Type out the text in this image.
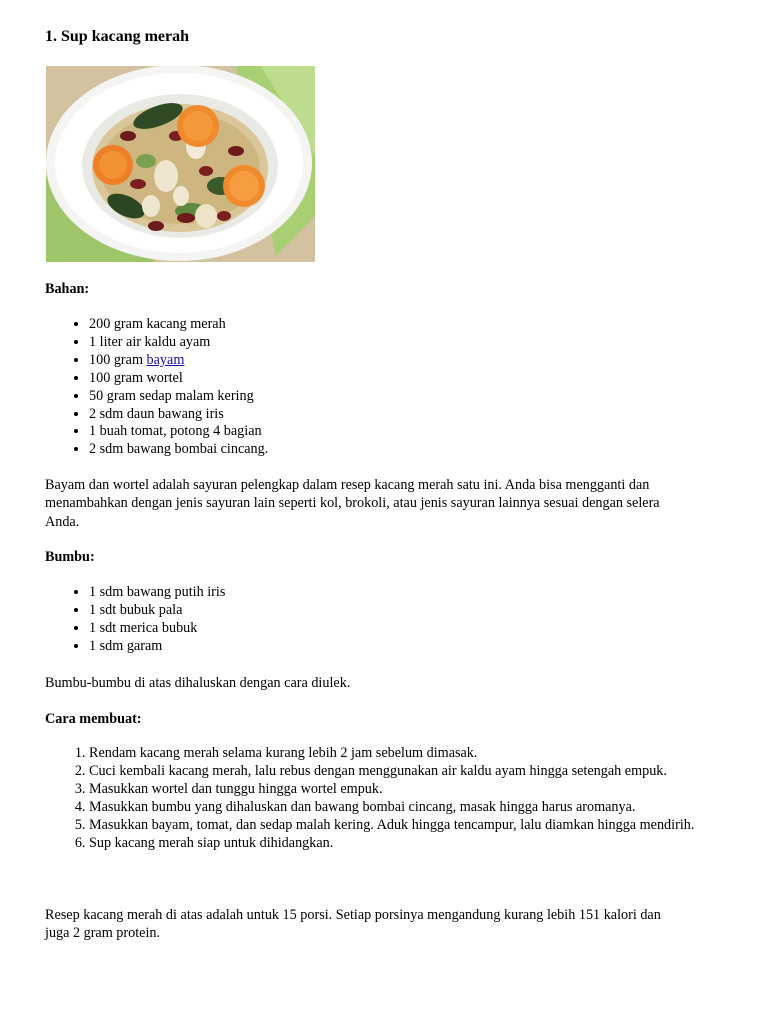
1. Sup kacang merah

Bahan:

• 200 gram kacang merah
• 1 liter air kaldu ayam
• 100 gram bayam
• 100 gram wortel
• 50 gram sedap malam kering
• 2 sdm daun bawang iris
• 1 buah tomat, potong 4 bagian
• 2 sdm bawang bombai cincang.

Bayam dan wortel adalah sayuran pelengkap dalam resep kacang merah satu ini. Anda bisa mengganti dan menambahkan dengan jenis sayuran lain seperti kol, brokoli, atau jenis sayuran lainnya sesuai dengan selera Anda.

Bumbu:

• 1 sdm bawang putih iris
• 1 sdt bubuk pala
• 1 sdt merica bubuk
• 1 sdm garam

Bumbu-bumbu di atas dihaluskan dengan cara diulek.

Cara membuat:

1. Rendam kacang merah selama kurang lebih 2 jam sebelum dimasak.
2. Cuci kembali kacang merah, lalu rebus dengan menggunakan air kaldu ayam hingga setengah empuk.
3. Masukkan wortel dan tunggu hingga wortel empuk.
4. Masukkan bumbu yang dihaluskan dan bawang bombai cincang, masak hingga harus aromanya.
5. Masukkan bayam, tomat, dan sedap malah kering. Aduk hingga tencampur, lalu diamkan hingga mendirih.
6. Sup kacang merah siap untuk dihidangkan.

Resep kacang merah di atas adalah untuk 15 porsi. Setiap porsinya mengandung kurang lebih 151 kalori dan juga 2 gram protein.
